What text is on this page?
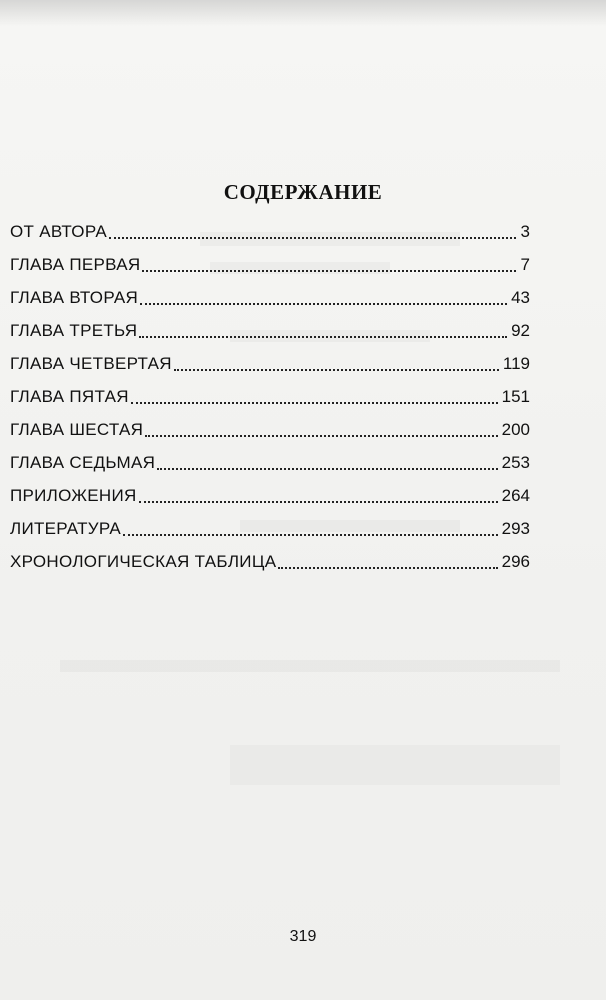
СОДЕРЖАНИЕ
ОТ АВТОРА	3
ГЛАВА ПЕРВАЯ	7
ГЛАВА ВТОРАЯ	43
ГЛАВА ТРЕТЬЯ	92
ГЛАВА ЧЕТВЕРТАЯ	119
ГЛАВА ПЯТАЯ	151
ГЛАВА ШЕСТАЯ	200
ГЛАВА СЕДЬМАЯ	253
ПРИЛОЖЕНИЯ	264
ЛИТЕРАТУРА	293
ХРОНОЛОГИЧЕСКАЯ ТАБЛИЦА	296
319
